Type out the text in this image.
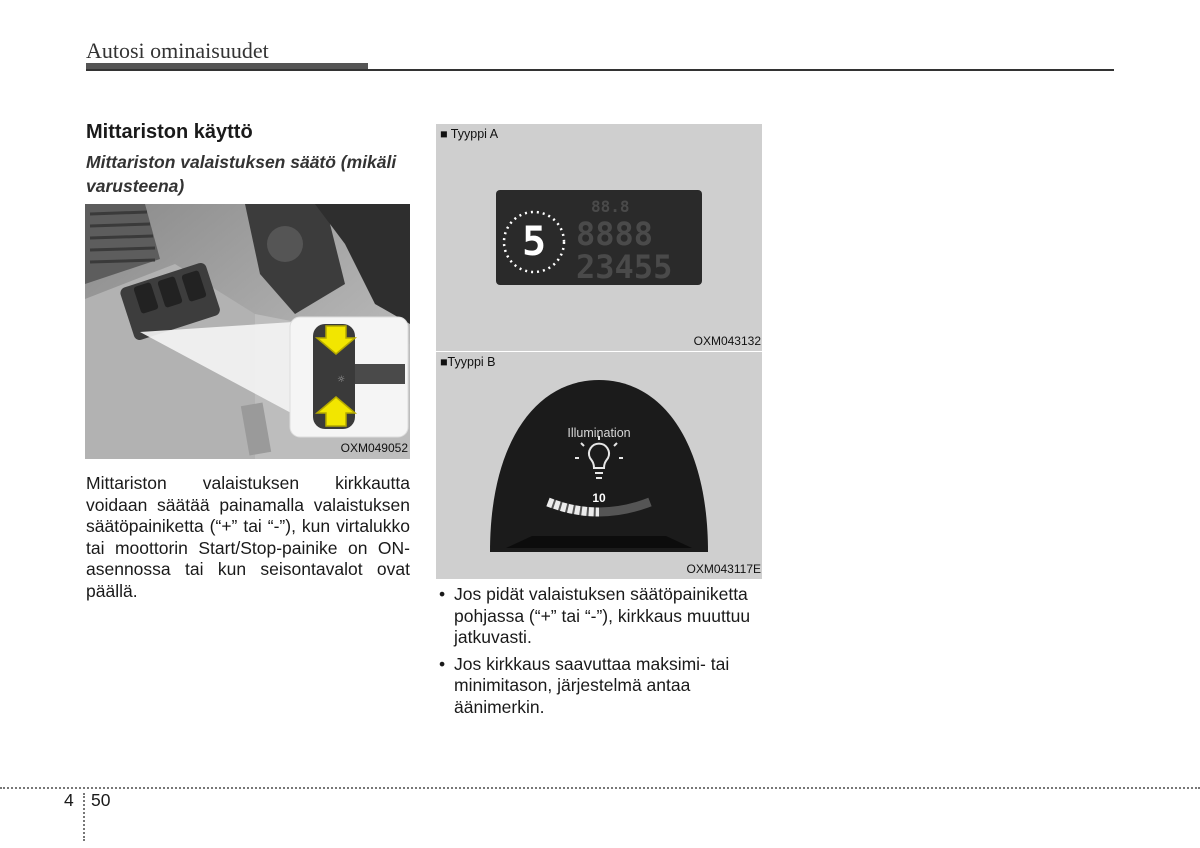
Autosi ominaisuudet
Mittariston käyttö
Mittariston valaistuksen säätö (mikäli varusteena)
☼
OXM049052
■ Tyyppi A
88.8
8888
23455
5
OXM043132
■Tyyppi B
Illumination
10
OXM043117E
Mittariston valaistuksen kirkkautta voidaan säätää painamalla valaistuksen säätöpainiketta (“+” tai “-”), kun virtalukko tai moottorin Start/Stop-painike on ON-asennossa tai kun seisontavalot ovat päällä.	• Jos pidät valaistuksen säätöpainiketta pohjassa (“+” tai “-”), kirkkaus muuttuu jatkuvasti.
• Jos kirkkaus saavuttaa maksimi- tai minimitason, järjestelmä antaa äänimerkin.
4 50
